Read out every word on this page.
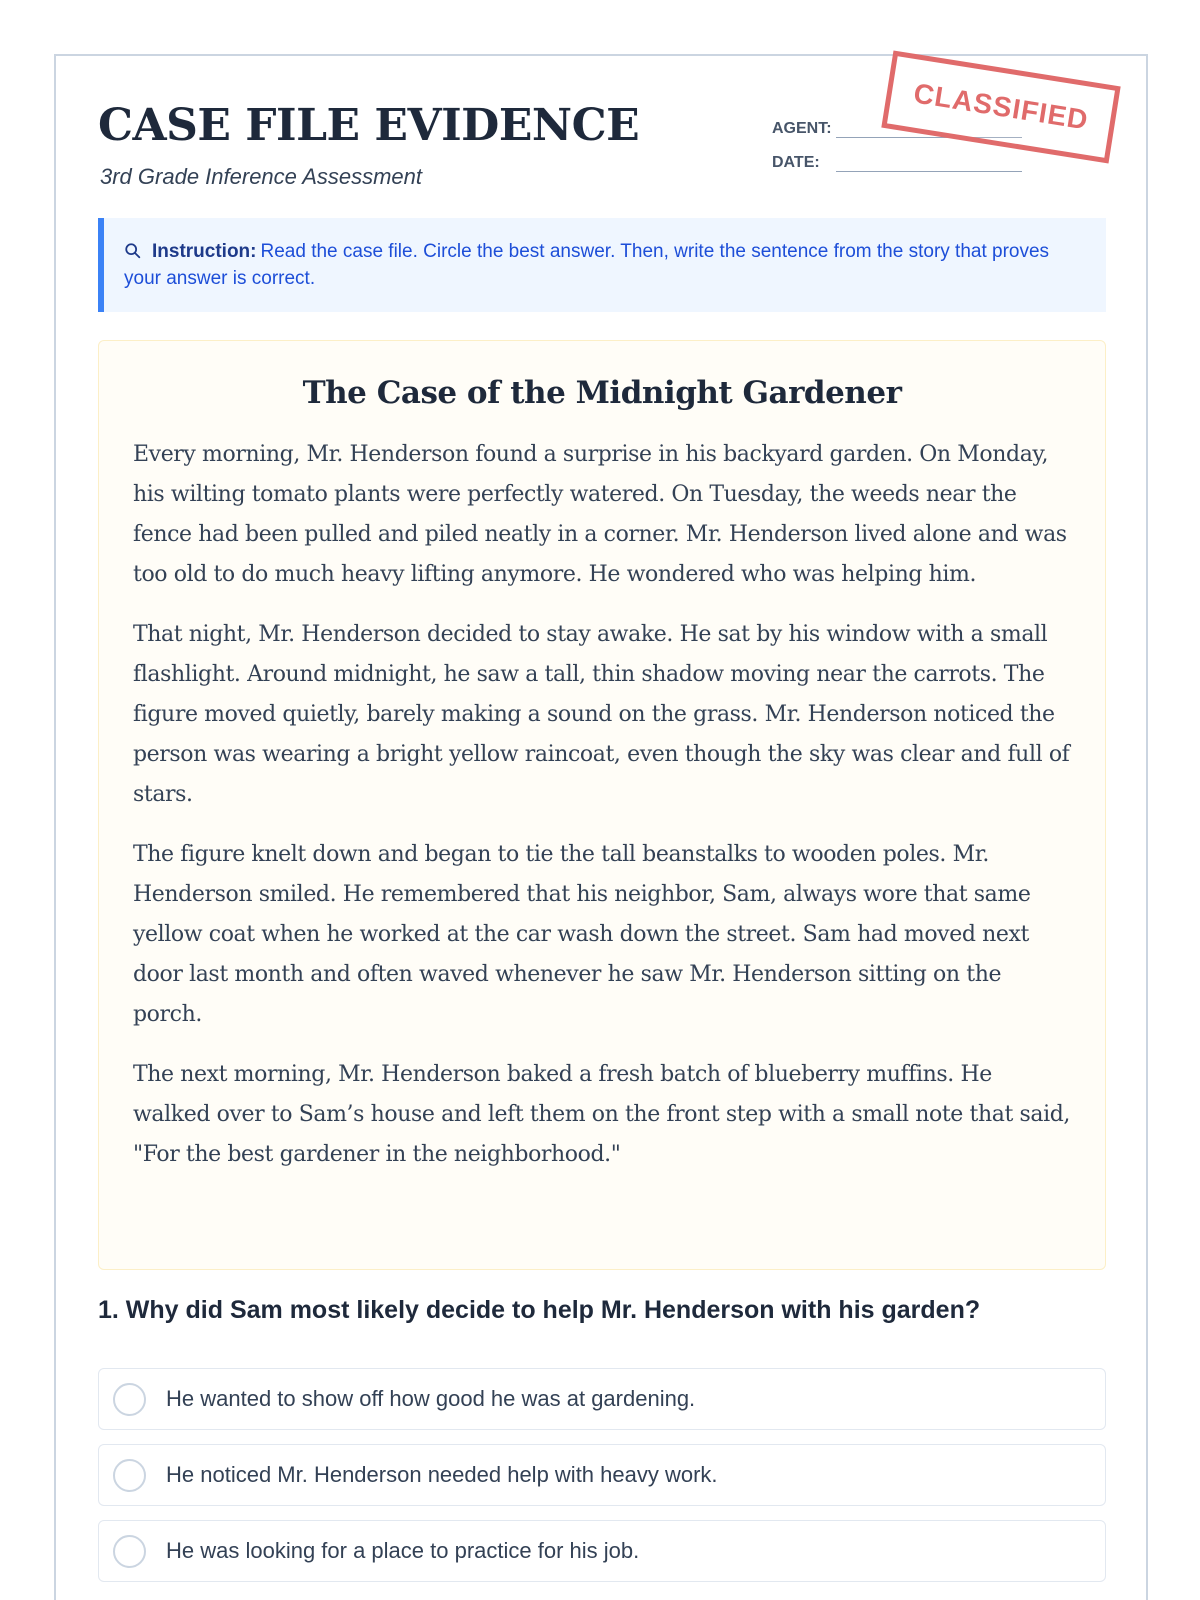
CASE FILE EVIDENCE
3rd Grade Inference Assessment
AGENT:
DATE:
CLASSIFIED
Instruction: Read the case file. Circle the best answer. Then, write the sentence from the story that proves your answer is correct.
The Case of the Midnight Gardener

Every morning, Mr. Henderson found a surprise in his backyard garden. On Monday, his wilting tomato plants were perfectly watered. On Tuesday, the weeds near the fence had been pulled and piled neatly in a corner. Mr. Henderson lived alone and was too old to do much heavy lifting anymore. He wondered who was helping him.

That night, Mr. Henderson decided to stay awake. He sat by his window with a small flashlight. Around midnight, he saw a tall, thin shadow moving near the carrots. The figure moved quietly, barely making a sound on the grass. Mr. Henderson noticed the person was wearing a bright yellow raincoat, even though the sky was clear and full of stars.

The figure knelt down and began to tie the tall beanstalks to wooden poles. Mr. Henderson smiled. He remembered that his neighbor, Sam, always wore that same yellow coat when he worked at the car wash down the street. Sam had moved next door last month and often waved whenever he saw Mr. Henderson sitting on the porch.

The next morning, Mr. Henderson baked a fresh batch of blueberry muffins. He walked over to Sam’s house and left them on the front step with a small note that said, "For the best gardener in the neighborhood."

1. Why did Sam most likely decide to help Mr. Henderson with his garden?
He wanted to show off how good he was at gardening.
He noticed Mr. Henderson needed help with heavy work.
He was looking for a place to practice for his job.
